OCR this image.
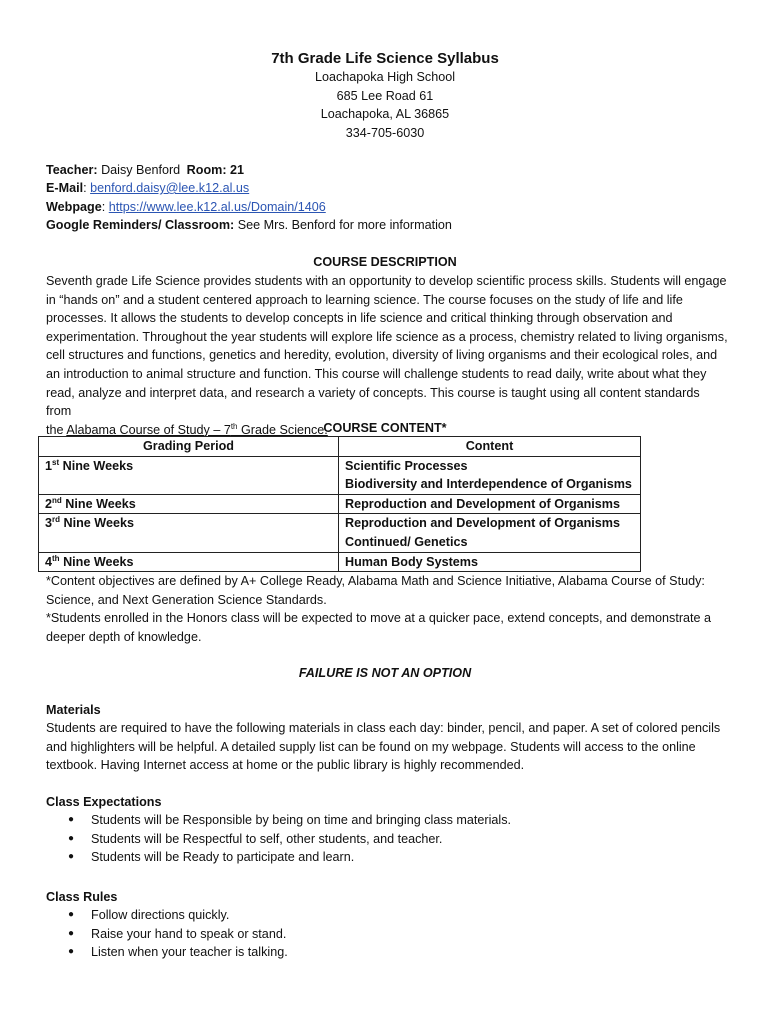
7th Grade Life Science Syllabus
Loachapoka High School
685 Lee Road 61
Loachapoka, AL 36865
334-705-6030
Teacher: Daisy Benford Room: 21
E-Mail: benford.daisy@lee.k12.al.us
Webpage: https://www.lee.k12.al.us/Domain/1406
Google Reminders/ Classroom: See Mrs. Benford for more information
COURSE DESCRIPTION

Seventh grade Life Science provides students with an opportunity to develop scientific process skills. Students will engage in “hands on” and a student centered approach to learning science. The course focuses on the study of life and life processes. It allows the students to develop concepts in life science and critical thinking through observation and experimentation. Throughout the year students will explore life science as a process, chemistry related to living organisms, cell structures and functions, genetics and heredity, evolution, diversity of living organisms and their ecological roles, and an introduction to animal structure and function. This course will challenge students to read daily, write about what they read, analyze and interpret data, and research a variety of concepts. This course is taught using all content standards from

the Alabama Course of Study – 7th Grade Science.

COURSE CONTENT*
Grading Period	Content
1st Nine Weeks	Scientific Processes
Biodiversity and Interdependence of Organisms

2nd Nine Weeks	Reproduction and Development of Organisms

3rd Nine Weeks	Reproduction and Development of Organisms
Continued/ Genetics

4th Nine Weeks	Human Body Systems

*Content objectives are defined by A+ College Ready, Alabama Math and Science Initiative, Alabama Course of Study: Science, and Next Generation Science Standards.

*Students enrolled in the Honors class will be expected to move at a quicker pace, extend concepts, and demonstrate a deeper depth of knowledge.

FAILURE IS NOT AN OPTION
Materials
Students are required to have the following materials in class each day: binder, pencil, and paper. A set of colored pencils and highlighters will be helpful. A detailed supply list can be found on my webpage. Students will access to the online textbook. Having Internet access at home or the public library is highly recommended.
Class Expectations
● Students will be Responsible by being on time and bringing class materials.
● Students will be Respectful to self, other students, and teacher.
● Students will be Ready to participate and learn.
Class Rules
● Follow directions quickly.
● Raise your hand to speak or stand.
● Listen when your teacher is talking.
